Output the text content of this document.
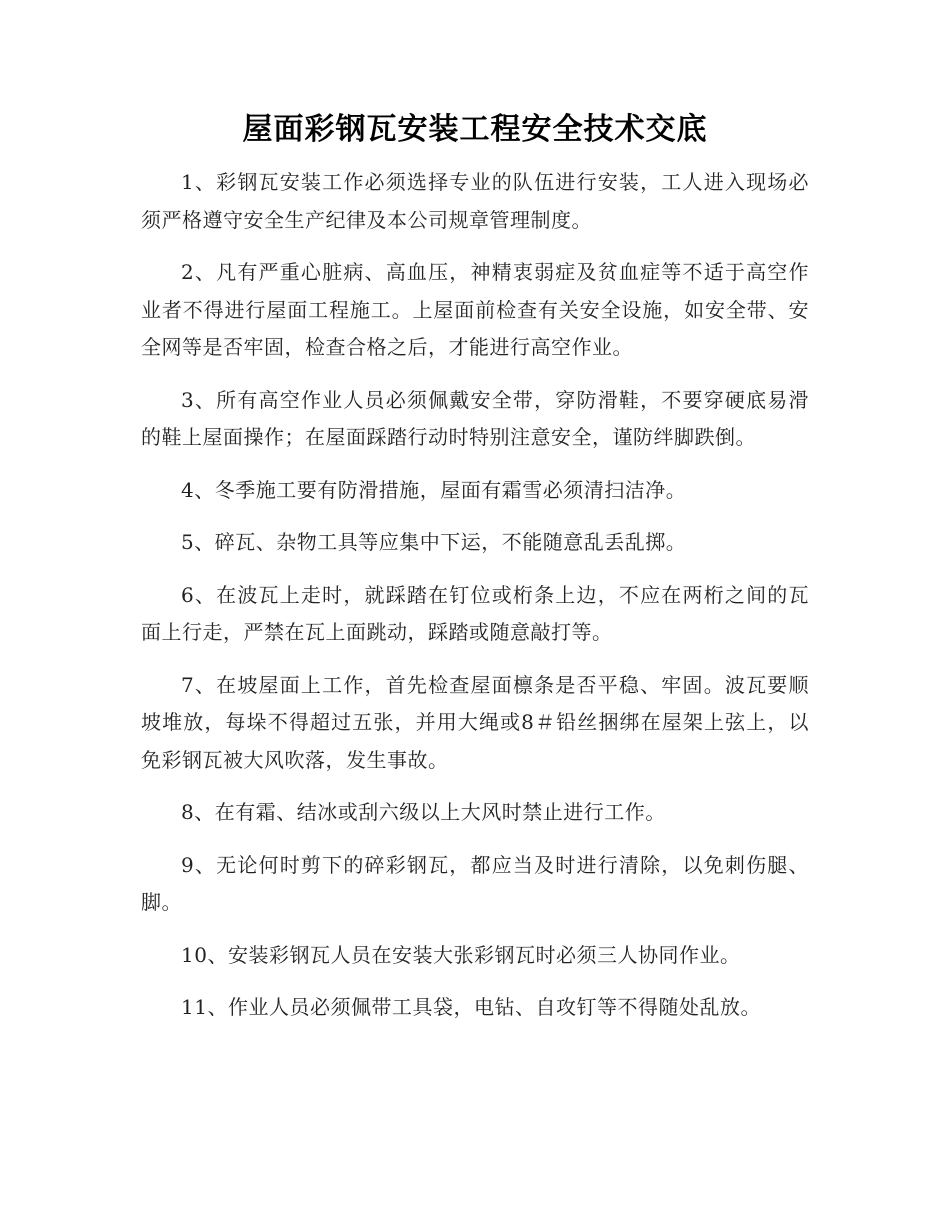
屋面彩钢瓦安装工程安全技术交底

1、彩钢瓦安装工作必须选择专业的队伍进行安装，工人进入现场必须严格遵守安全生产纪律及本公司规章管理制度。

2、凡有严重心脏病、高血压，神精衷弱症及贫血症等不适于高空作业者不得进行屋面工程施工。上屋面前检查有关安全设施，如安全带、安全网等是否牢固，检查合格之后，才能进行高空作业。

3、所有高空作业人员必须佩戴安全带，穿防滑鞋，不要穿硬底易滑的鞋上屋面操作；在屋面踩踏行动时特别注意安全，谨防绊脚跌倒。

4、冬季施工要有防滑措施，屋面有霜雪必须清扫洁净。

5、碎瓦、杂物工具等应集中下运，不能随意乱丢乱掷。

6、在波瓦上走时，就踩踏在钉位或桁条上边，不应在两桁之间的瓦面上行走，严禁在瓦上面跳动，踩踏或随意敲打等。

7、在坡屋面上工作，首先检查屋面檩条是否平稳、牢固。波瓦要顺坡堆放，每垛不得超过五张，并用大绳或8＃铅丝捆绑在屋架上弦上，以免彩钢瓦被大风吹落，发生事故。

8、在有霜、结冰或刮六级以上大风时禁止进行工作。

9、无论何时剪下的碎彩钢瓦，都应当及时进行清除，以免刺伤腿、脚。

10、安装彩钢瓦人员在安装大张彩钢瓦时必须三人协同作业。

11、作业人员必须佩带工具袋，电钻、自攻钉等不得随处乱放。
